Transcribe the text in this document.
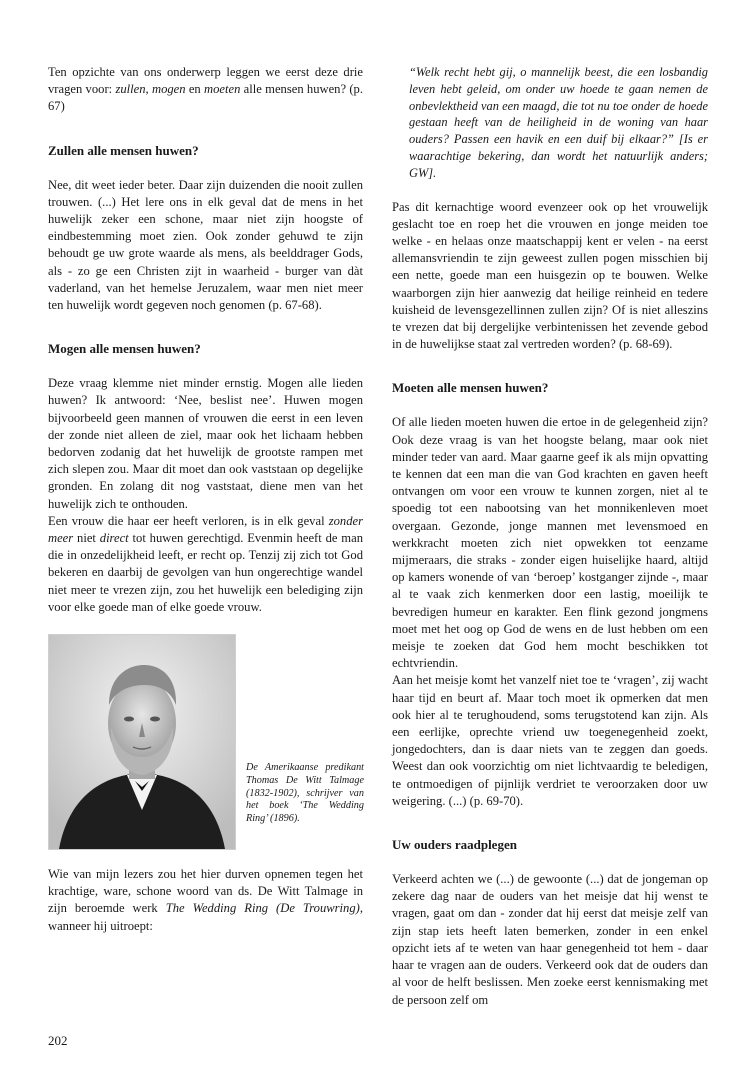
Ten opzichte van ons onderwerp leggen we eerst deze drie vragen voor: zullen, mogen en moeten alle mensen huwen? (p. 67)

Zullen alle mensen huwen?

Nee, dit weet ieder beter. Daar zijn duizenden die nooit zullen trouwen. (...) Het lere ons in elk geval dat de mens in het huwelijk zeker een schone, maar niet zijn hoogste of eindbestemming moet zien. Ook zonder gehuwd te zijn behoudt ge uw grote waarde als mens, als beelddrager Gods, als - zo ge een Christen zijt in waarheid - burger van dàt vaderland, van het hemelse Jeruzalem, waar men niet meer ten huwelijk wordt gegeven noch genomen (p. 67-68).

Mogen alle mensen huwen?

Deze vraag klemme niet minder ernstig. Mogen alle lieden huwen? Ik antwoord: ‘Nee, beslist nee’. Huwen mogen bijvoorbeeld geen mannen of vrouwen die eerst in een leven der zonde niet alleen de ziel, maar ook het lichaam hebben bedorven zodanig dat het huwelijk de grootste rampen met zich slepen zou. Maar dit moet dan ook vaststaan op degelijke gronden. En zolang dit nog vaststaat, diene men van het huwelijk zich te onthouden.

Een vrouw die haar eer heeft verloren, is in elk geval zonder meer niet direct tot huwen gerechtigd. Evenmin heeft de man die in onzedelijkheid leeft, er recht op. Tenzij zij zich tot God bekeren en daarbij de gevolgen van hun ongerechtige wandel niet meer te vrezen zijn, zou het huwelijk een belediging zijn voor elke goede man of elke goede vrouw.

De Amerikaanse predikant Thomas De Witt Talmage (1832-1902), schrijver van het boek ‘The Wedding Ring’ (1896).

Wie van mijn lezers zou het hier durven opnemen tegen het krachtige, ware, schone woord van ds. De Witt Talmage in zijn beroemde werk The Wedding Ring (De Trouwring), wanneer hij uitroept:

“Welk recht hebt gij, o mannelijk beest, die een losbandig leven hebt geleid, om onder uw hoede te gaan nemen de onbevlektheid van een maagd, die tot nu toe onder de hoede gestaan heeft van de heiligheid in de woning van haar ouders? Passen een havik en een duif bij elkaar?” [Is er waarachtige bekering, dan wordt het natuurlijk anders; GW].

Pas dit kernachtige woord evenzeer ook op het vrouwelijk geslacht toe en roep het die vrouwen en jonge meiden toe welke - en helaas onze maatschappij kent er velen - na eerst allemansvriendin te zijn geweest zullen pogen misschien bij een nette, goede man een huisgezin op te bouwen. Welke waarborgen zijn hier aanwezig dat heilige reinheid en tedere kuisheid de levensgezellinnen zullen zijn? Of is niet alleszins te vrezen dat bij dergelijke verbintenissen het zevende gebod in de huwelijkse staat zal vertreden worden? (p. 68-69).

Moeten alle mensen huwen?

Of alle lieden moeten huwen die ertoe in de gelegenheid zijn? Ook deze vraag is van het hoogste belang, maar ook niet minder teder van aard. Maar gaarne geef ik als mijn opvatting te kennen dat een man die van God krachten en gaven heeft ontvangen om voor een vrouw te kunnen zorgen, niet al te spoedig tot een nabootsing van het monnikenleven moet overgaan. Gezonde, jonge mannen met levensmoed en werkkracht moeten zich niet opwekken tot eenzame mijmeraars, die straks - zonder eigen huiselijke haard, altijd op kamers wonende of van ‘beroep’ kostganger zijnde -, maar al te vaak zich kenmerken door een lastig, moeilijk te bevredigen humeur en karakter. Een flink gezond jongmens moet met het oog op God de wens en de lust hebben om een meisje te zoeken dat God hem mocht beschikken tot echtvriendin.

Aan het meisje komt het vanzelf niet toe te ‘vragen’, zij wacht haar tijd en beurt af. Maar toch moet ik opmerken dat men ook hier al te terughoudend, soms terugstotend kan zijn. Als een eerlijke, oprechte vriend uw toegenegenheid zoekt, jongedochters, dan is daar niets van te zeggen dan goeds. Weest dan ook voorzichtig om niet lichtvaardig te beledigen, te ontmoedigen of pijnlijk verdriet te veroorzaken door uw weigering. (...) (p. 69-70).

Uw ouders raadplegen

Verkeerd achten we (...) de gewoonte (...) dat de jongeman op zekere dag naar de ouders van het meisje dat hij wenst te vragen, gaat om dan - zonder dat hij eerst dat meisje zelf van zijn stap iets heeft laten bemerken, zonder in een enkel opzicht iets af te weten van haar genegenheid tot hem - daar haar te vragen aan de ouders. Verkeerd ook dat de ouders dan al voor de helft beslissen. Men zoeke eerst kennismaking met de persoon zelf om

202
